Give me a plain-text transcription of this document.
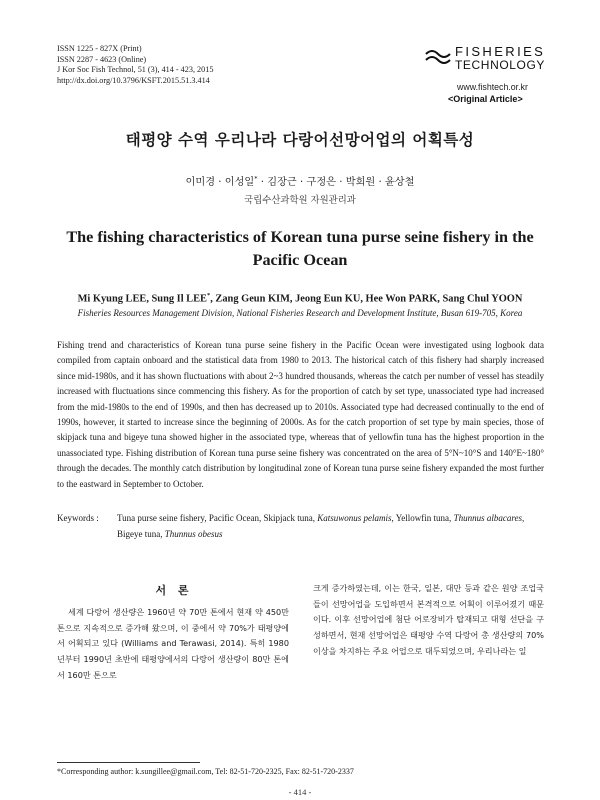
ISSN 1225 - 827X (Print)
ISSN 2287 - 4623 (Online)
J Kor Soc Fish Technol, 51 (3), 414 - 423, 2015
http://dx.doi.org/10.3796/KSFT.2015.51.3.414
FISHERIES
TECHNOLOGY
www.fishtech.or.kr
<Original Article>
태평양 수역 우리나라 다랑어선망어업의 어획특성
이미경 · 이성일* · 김장근 · 구정은 · 박희원 · 윤상철
국립수산과학원 자원관리과
The fishing characteristics of Korean tuna purse seine fishery in the Pacific Ocean
Mi Kyung LEE, Sung Il LEE*, Zang Geun KIM, Jeong Eun KU, Hee Won PARK, Sang Chul YOON
Fisheries Resources Management Division, National Fisheries Research and Development Institute, Busan 619-705, Korea
Fishing trend and characteristics of Korean tuna purse seine fishery in the Pacific Ocean were investigated using logbook data compiled from captain onboard and the statistical data from 1980 to 2013. The historical catch of this fishery had sharply increased since mid-1980s, and it has shown fluctuations with about 2~3 hundred thousands, whereas the catch per number of vessel has steadily increased with fluctuations since commencing this fishery. As for the proportion of catch by set type, unassociated type had increased from the mid-1980s to the end of 1990s, and then has decreased up to 2010s. Associated type had decreased continually to the end of 1990s, however, it started to increase since the beginning of 2000s. As for the catch proportion of set type by main species, those of skipjack tuna and bigeye tuna showed higher in the associated type, whereas that of yellowfin tuna has the highest proportion in the unassociated type. Fishing distribution of Korean tuna purse seine fishery was concentrated on the area of 5°N~10°S and 140°E~180° through the decades. The monthly catch distribution by longitudinal zone of Korean tuna purse seine fishery expanded the most further to the eastward in September to October.
Keywords : Tuna purse seine fishery, Pacific Ocean, Skipjack tuna, Katsuwonus pelamis, Yellowfin tuna, Thunnus albacares, Bigeye tuna, Thunnus obesus
서 론
세계 다랑어 생산량은 1960년 약 70만 톤에서 현재 약 450만 톤으로 지속적으로 증가해 왔으며, 이 중에서 약 70%가 태평양에서 어획되고 있다 (Williams and Terawasi, 2014). 특히 1980년부터 1990년 초반에 태평양에서의 다랑어 생산량이 80만 톤에서 160만 톤으로
크게 증가하였는데, 이는 한국, 일본, 대만 등과 같은 원양 조업국들이 선망어업을 도입하면서 본격적으로 어획이 이루어졌기 때문이다. 이후 선망어업에 첨단 어로장비가 탑재되고 대형 선단을 구성하면서, 현재 선망어업은 태평양 수역 다랑어 총 생산량의 70% 이상을 차지하는 주요 어업으로 대두되었으며, 우리나라는 일
*Corresponding author: k.sungillee@gmail.com, Tel: 82-51-720-2325, Fax: 82-51-720-2337
- 414 -
